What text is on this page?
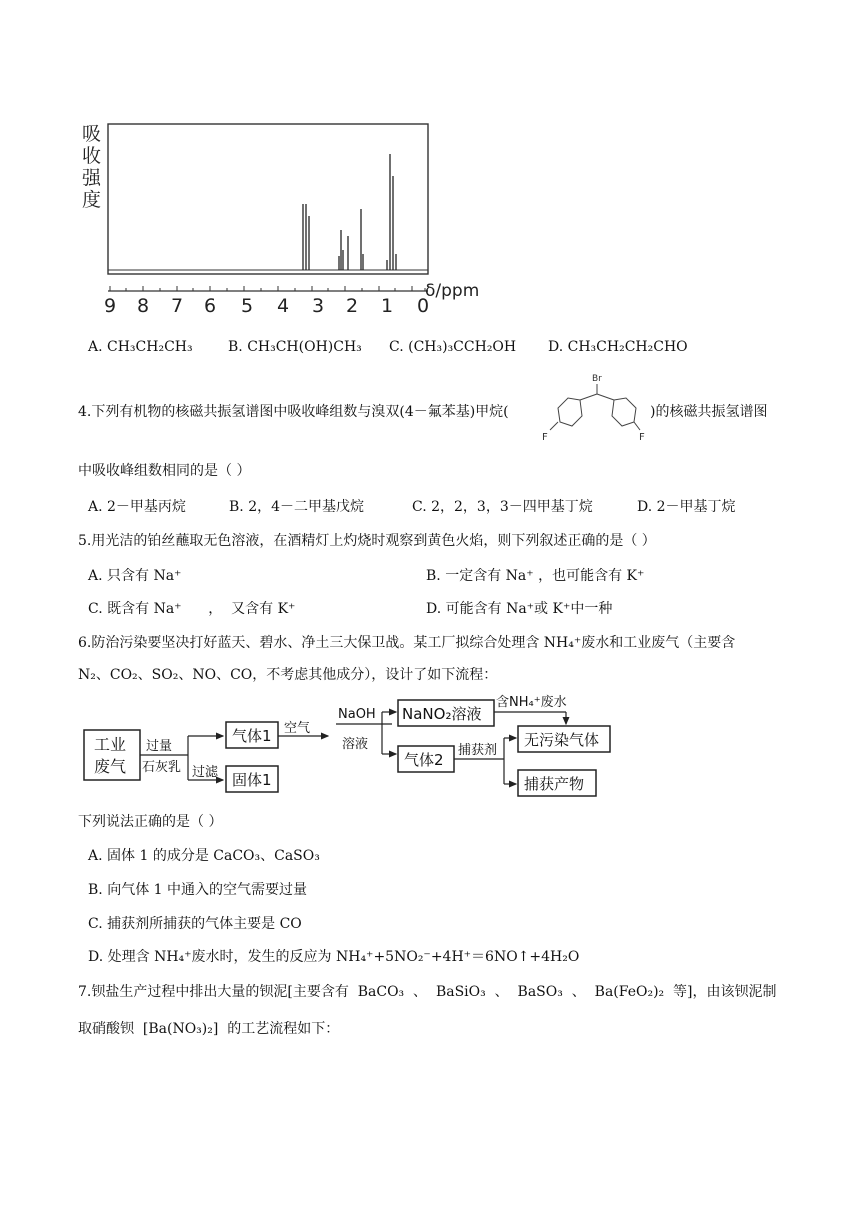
吸
收
强
度
9 8 7 6 5 4 3 2 1 0
δ/ppm
A. CH₃CH₂CH₃	B. CH₃CH(OH)CH₃ C. (CH₃)₃CCH₂OH D. CH₃CH₂CH₂CHO
4.下列有机物的核磁共振氢谱图中吸收峰组数与溴双(4－氟苯基)甲烷(
Br
F	F
)的核磁共振氢谱图
中吸收峰组数相同的是（ ）
A. 2－甲基丙烷	B. 2，4－二甲基戊烷	C. 2，2，3，3－四甲基丁烷	D. 2－甲基丁烷
5.用光洁的铂丝蘸取无色溶液，在酒精灯上灼烧时观察到黄色火焰，则下列叙述正确的是（ ）
A. 只含有 Na⁺	B. 一定含有 Na⁺ ，也可能含有 K⁺
C. 既含有 Na⁺      ，  又含有 K⁺	D. 可能含有 Na⁺或 K⁺中一种
6.防治污染要坚决打好蓝天、碧水、净土三大保卫战。某工厂拟综合处理含 NH₄⁺废水和工业废气（主要含
N₂、CO₂、SO₂、NO、CO，不考虑其他成分），设计了如下流程：
工业
废气
过量
石灰乳 过滤
气体1
固体1
空气
NaOH
溶液
NaNO₂溶液
含NH₄⁺废水
气体2
捕获剂
无污染气体
捕获产物
下列说法正确的是（ ）
A. 固体 1 的成分是 CaCO₃、CaSO₃
B. 向气体 1 中通入的空气需要过量
C. 捕获剂所捕获的气体主要是 CO
D. 处理含 NH₄⁺废水时，发生的反应为 NH₄⁺+5NO₂⁻+4H⁺＝6NO↑+4H₂O
7.钡盐生产过程中排出大量的钡泥[主要含有  BaCO₃  、  BaSiO₃  、  BaSO₃  、  Ba(FeO₂)₂  等]，由该钡泥制
取硝酸钡  [Ba(NO₃)₂]  的工艺流程如下：
